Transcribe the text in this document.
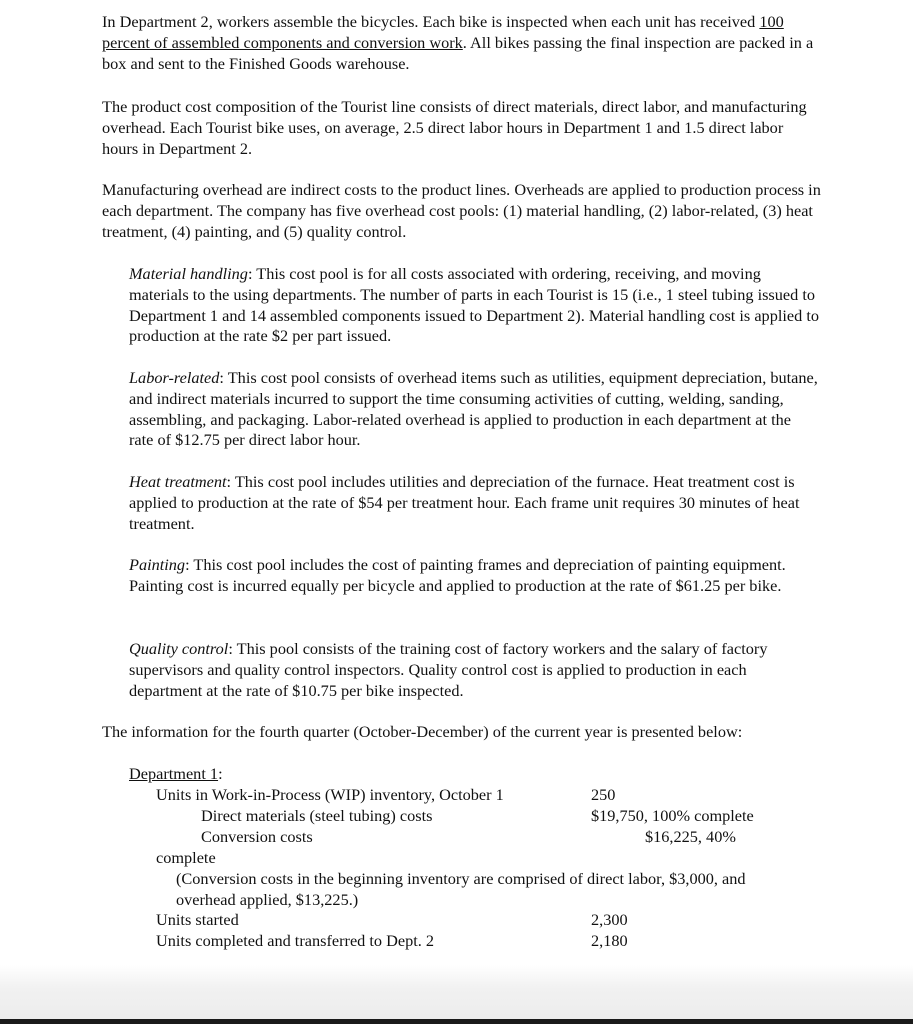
In Department 2, workers assemble the bicycles. Each bike is inspected when each unit has received 100 percent of assembled components and conversion work. All bikes passing the final inspection are packed in a box and sent to the Finished Goods warehouse.

The product cost composition of the Tourist line consists of direct materials, direct labor, and manufacturing overhead. Each Tourist bike uses, on average, 2.5 direct labor hours in Department 1 and 1.5 direct labor hours in Department 2.

Manufacturing overhead are indirect costs to the product lines. Overheads are applied to production process in each department. The company has five overhead cost pools: (1) material handling, (2) labor-related, (3) heat treatment, (4) painting, and (5) quality control.

Material handling: This cost pool is for all costs associated with ordering, receiving, and moving materials to the using departments. The number of parts in each Tourist is 15 (i.e., 1 steel tubing issued to Department 1 and 14 assembled components issued to Department 2). Material handling cost is applied to production at the rate $2 per part issued.

Labor-related: This cost pool consists of overhead items such as utilities, equipment depreciation, butane, and indirect materials incurred to support the time consuming activities of cutting, welding, sanding, assembling, and packaging. Labor-related overhead is applied to production in each department at the rate of $12.75 per direct labor hour.

Heat treatment: This cost pool includes utilities and depreciation of the furnace. Heat treatment cost is applied to production at the rate of $54 per treatment hour. Each frame unit requires 30 minutes of heat treatment.

Painting: This cost pool includes the cost of painting frames and depreciation of painting equipment. Painting cost is incurred equally per bicycle and applied to production at the rate of $61.25 per bike.

Quality control: This pool consists of the training cost of factory workers and the salary of factory supervisors and quality control inspectors. Quality control cost is applied to production in each department at the rate of $10.75 per bike inspected.

The information for the fourth quarter (October-December) of the current year is presented below:

Department 1:
Units in Work-in-Process (WIP) inventory, October 1	250
Direct materials (steel tubing) costs	$19,750, 100% complete
Conversion costs	$16,225, 40%
complete

(Conversion costs in the beginning inventory are comprised of direct labor, $3,000, and overhead applied, $13,225.)

Units started	2,300
Units completed and transferred to Dept. 2	2,180
